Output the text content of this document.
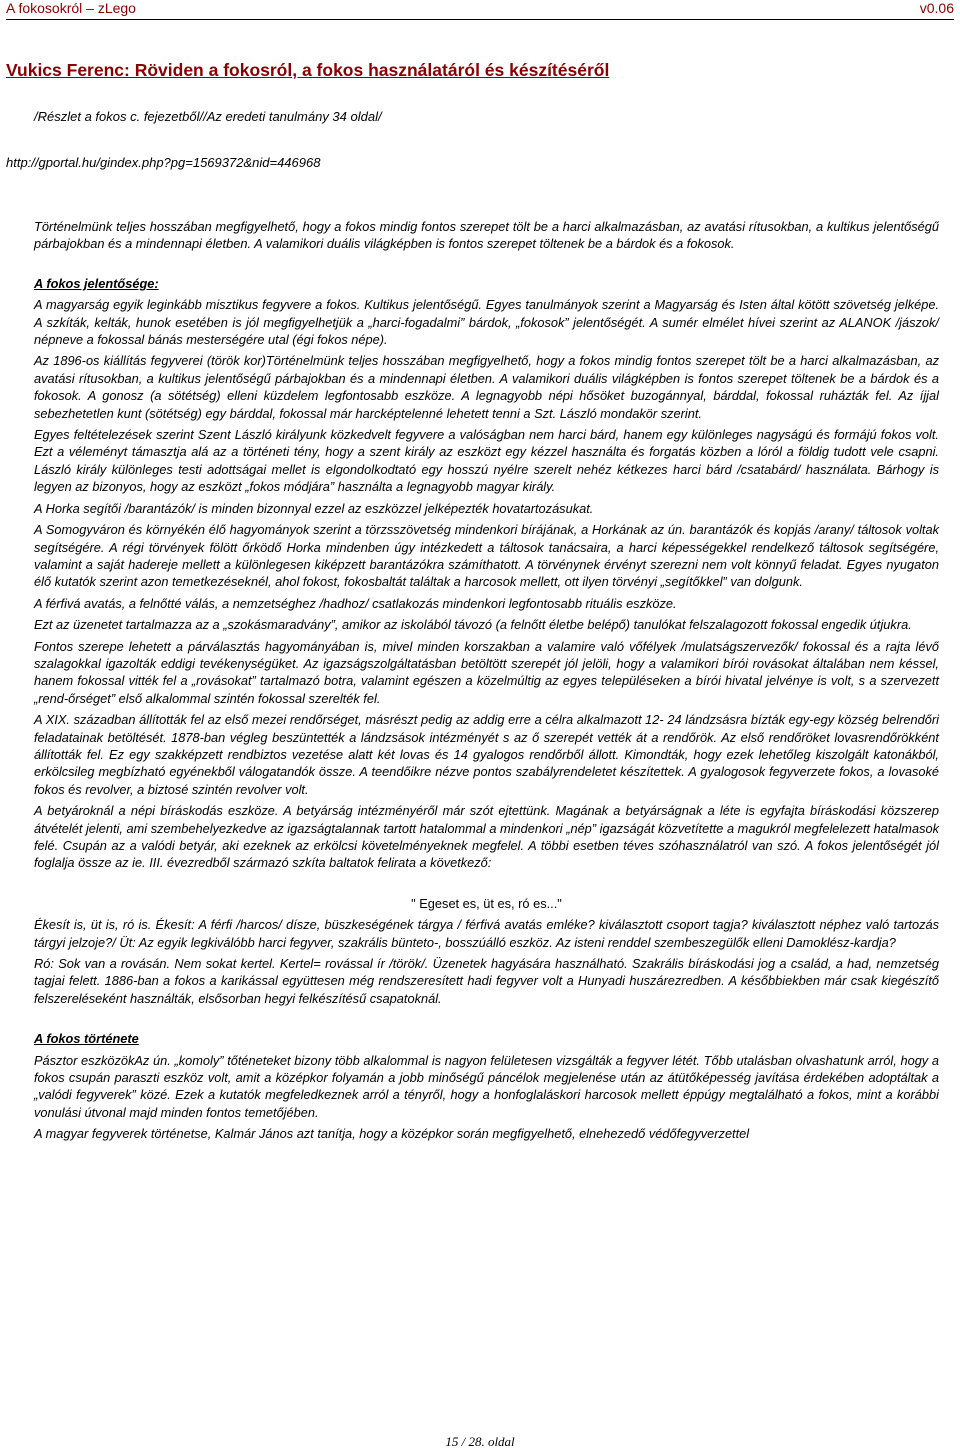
A fokosokról – zLego	v0.06
Vukics Ferenc: Röviden a fokosról, a fokos használatáról és készítéséről
/Részlet a fokos c. fejezetből//Az eredeti tanulmány 34 oldal/
http://gportal.hu/gindex.php?pg=1569372&nid=446968

Történelmünk teljes hosszában megfigyelhető, hogy a fokos mindig fontos szerepet tölt be a harci alkalmazásban, az avatási rítusokban, a kultikus jelentőségű párbajokban és a mindennapi életben. A valamikori duális világképben is fontos szerepet töltenek be a bárdok és a fokosok.

A fokos jelentősége:

A magyarság egyik leginkább misztikus fegyvere a fokos. Kultikus jelentőségű. Egyes tanulmányok szerint a Magyarság és Isten által kötött szövetség jelképe. A szkíták, kelták, hunok esetében is jól megfigyelhetjük a „harci-fogadalmi” bárdok, „fokosok” jelentőségét. A sumér elmélet hívei szerint az ALANOK /jászok/ népneve a fokossal bánás mesterségére utal (égi fokos népe).

Az 1896-os kiállítás fegyverei (török kor)Történelmünk teljes hosszában megfigyelhető, hogy a fokos mindig fontos szerepet tölt be a harci alkalmazásban, az avatási rítusokban, a kultikus jelentőségű párbajokban és a mindennapi életben. A valamikori duális világképben is fontos szerepet töltenek be a bárdok és a fokosok. A gonosz (a sötétség) elleni küzdelem legfontosabb eszköze. A legnagyobb népi hősöket buzogánnyal, bárddal, fokossal ruházták fel. Az íjjal sebezhetetlen kunt (sötétség) egy bárddal, fokossal már harcképtelenné lehetett tenni a Szt. László mondakör szerint.

Egyes feltételezések szerint Szent László királyunk közkedvelt fegyvere a valóságban nem harci bárd, hanem egy különleges nagyságú és formájú fokos volt. Ezt a véleményt támasztja alá az a történeti tény, hogy a szent király az eszközt egy kézzel használta és forgatás közben a lóról a földig tudott vele csapni. László király különleges testi adottságai mellet is elgondolkodtató egy hosszú nyélre szerelt nehéz kétkezes harci bárd /csatabárd/ használata. Bárhogy is legyen az bizonyos, hogy az eszközt „fokos módjára” használta a legnagyobb magyar király.

A Horka segítői /barantázók/ is minden bizonnyal ezzel az eszközzel jelképezték hovatartozásukat.

A Somogyváron és környékén élő hagyományok szerint a törzsszövetség mindenkori bírájának, a Horkának az ún. barantázók és kopjás /arany/ táltosok voltak segítségére. A régi törvények fölött őrködő Horka mindenben úgy intézkedett a táltosok tanácsaira, a harci képességekkel rendelkező táltosok segítségére, valamint a saját hadereje mellett a különlegesen kiképzett barantázókra számíthatott. A törvénynek érvényt szerezni nem volt könnyű feladat. Egyes nyugaton élő kutatók szerint azon temetkezéseknél, ahol fokost, fokosbaltát találtak a harcosok mellett, ott ilyen törvényi „segítőkkel” van dolgunk.

A férfivá avatás, a felnőtté válás, a nemzetséghez /hadhoz/ csatlakozás mindenkori legfontosabb rituális eszköze.

Ezt az üzenetet tartalmazza az a „szokásmaradvány”, amikor az iskolából távozó (a felnőtt életbe belépő) tanulókat felszalagozott fokossal engedik útjukra.

Fontos szerepe lehetett a párválasztás hagyományában is, mivel minden korszakban a valamire való vőfélyek /mulatságszervezők/ fokossal és a rajta lévő szalagokkal igazolták eddigi tevékenységüket. Az igazságszolgáltatásban betöltött szerepét jól jelöli, hogy a valamikori bírói rovásokat általában nem késsel, hanem fokossal vitték fel a „rovásokat” tartalmazó botra, valamint egészen a közelmúltig az egyes településeken a bírói hivatal jelvénye is volt, s a szervezett „rend-őrséget” első alkalommal szintén fokossal szerelték fel.

A XIX. században állították fel az első mezei rendőrséget, másrészt pedig az addig erre a célra alkalmazott 12- 24 lándzsásra bízták egy-egy község belrendőri feladatainak betöltését. 1878-ban végleg beszüntették a lándzsások intézményét s az ő szerepét vették át a rendőrök. Az első rendőröket lovasrendőrökként állították fel. Ez egy szakképzett rendbiztos vezetése alatt két lovas és 14 gyalogos rendőrből állott. Kimondták, hogy ezek lehetőleg kiszolgált katonákból, erkölcsileg megbízható egyénekből válogatandók össze. A teendőikre nézve pontos szabályrendeletet készítettek. A gyalogosok fegyverzete fokos, a lovasoké fokos és revolver, a biztosé szintén revolver volt.

A betyároknál a népi bíráskodás eszköze. A betyárság intézményéről már szót ejtettünk. Magának a betyárságnak a léte is egyfajta bíráskodási közszerep átvételét jelenti, ami szembehelyezkedve az igazságtalannak tartott hatalommal a mindenkori „nép” igazságát közvetítette a magukról megfelelezett hatalmasok felé. Csupán az a valódi betyár, aki ezeknek az erkölcsi követelményeknek megfelel. A többi esetben téves szóhasználatról van szó. A fokos jelentőségét jól foglalja össze az ie. III. évezredből származó szkíta baltatok felirata a következő:

" Egeset es, üt es, ró es..."

Ékesít is, üt is, ró is. Ékesít: A férfi /harcos/ dísze, büszkeségének tárgya / férfivá avatás emléke? kiválasztott csoport tagja? kiválasztott néphez való tartozás tárgyi jelzoje?/ Üt: Az egyik legkiválóbb harci fegyver, szakrális bünteto-, bosszúálló eszköz. Az isteni renddel szembeszegülők elleni Damoklész-kardja?

Ró: Sok van a rovásán. Nem sokat kertel. Kertel= rovással ír /török/. Üzenetek hagyására használható. Szakrális bíráskodási jog a család, a had, nemzetség tagjai felett. 1886-ban a fokos a karikással együttesen még rendszeresített hadi fegyver volt a Hunyadi huszárezredben. A későbbiekben már csak kiegészítő felszereléseként használták, elsősorban hegyi felkészítésű csapatoknál.

A fokos története

Pásztor eszközökAz ún. „komoly” tőténeteket bizony több alkalommal is nagyon felületesen vizsgálták a fegyver létét. Tőbb utalásban olvashatunk arról, hogy a fokos csupán paraszti eszköz volt, amit a középkor folyamán a jobb minőségű páncélok megjelenése után az átütőképesség javítása érdekében adoptáltak a „valódi fegyverek” közé. Ezek a kutatók megfeledkeznek arról a tényről, hogy a honfoglaláskori harcosok mellett éppúgy megtalálható a fokos, mint a korábbi vonulási útvonal majd minden fontos temetőjében.

A magyar fegyverek történetse, Kalmár János azt tanítja, hogy a középkor során megfigyelhető, elnehezedő védőfegyverzettel

15 / 28. oldal
